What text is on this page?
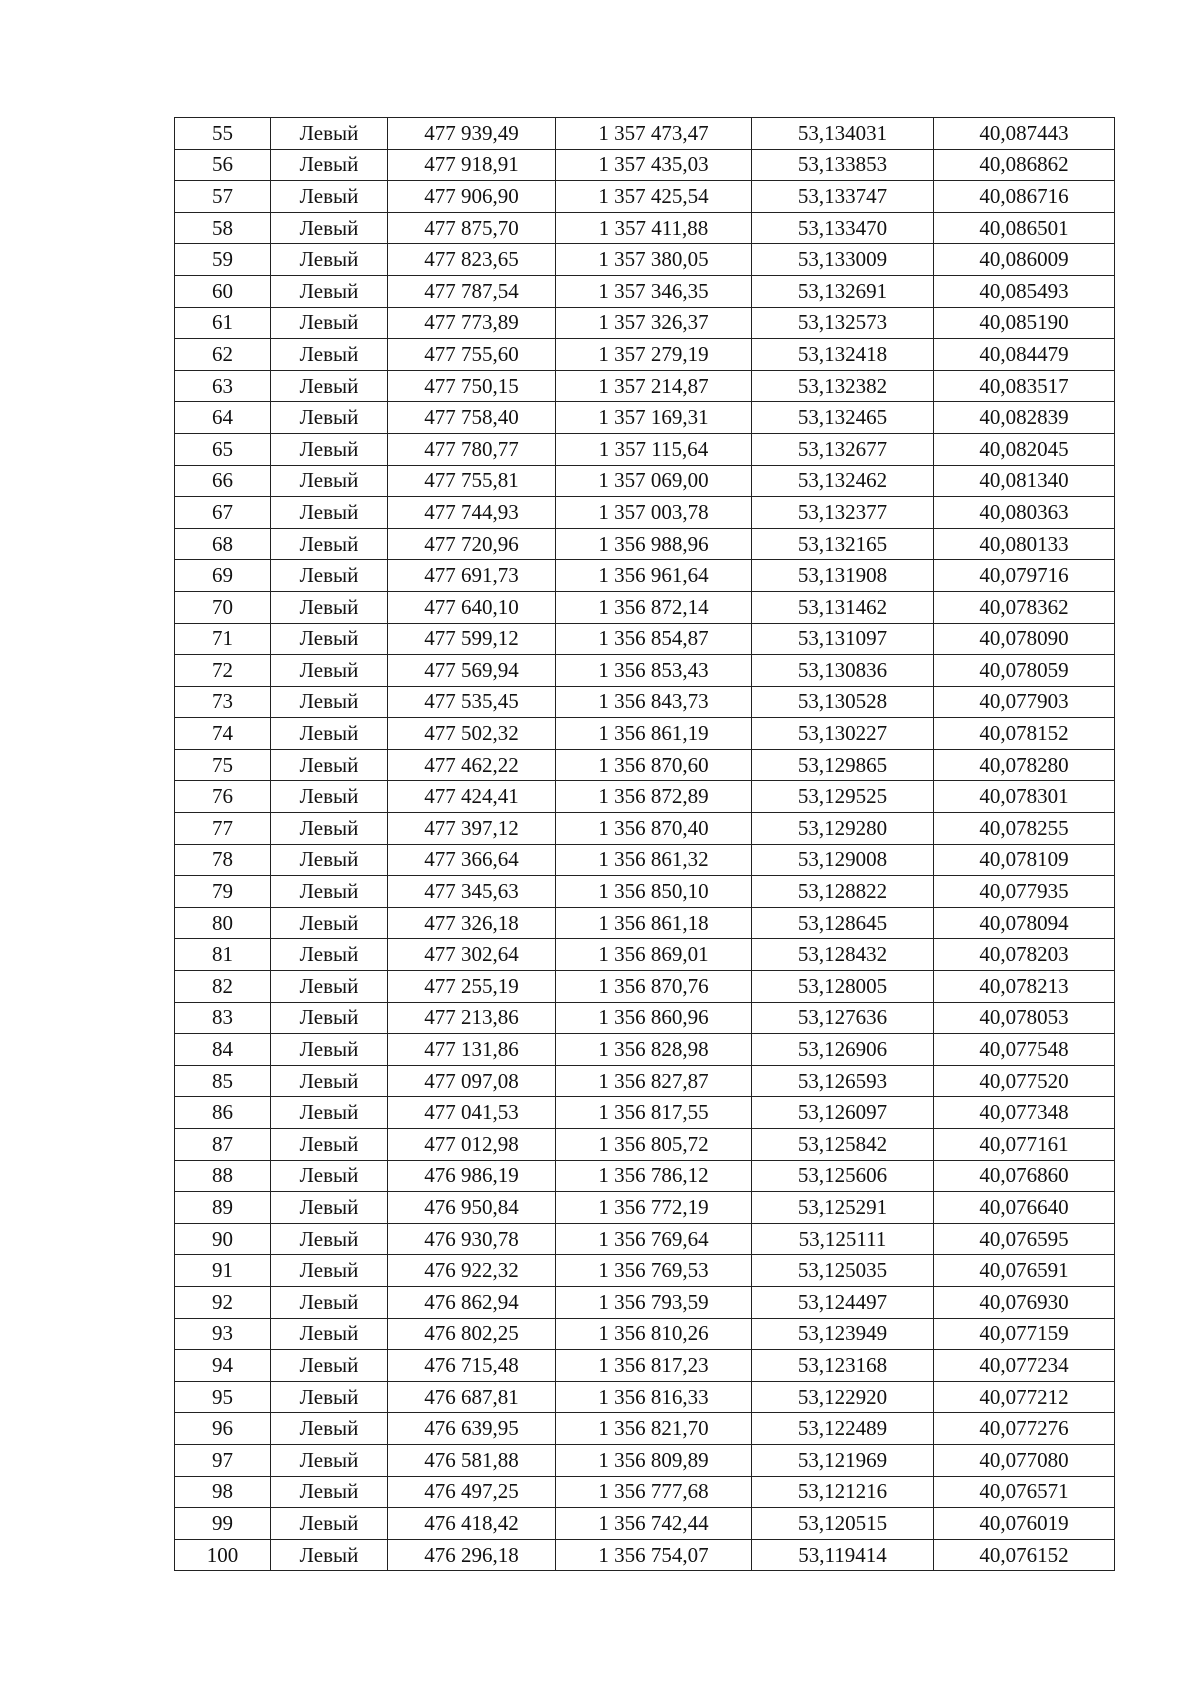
55	Левый	477 939,49	1 357 473,47	53,134031	40,087443
56	Левый	477 918,91	1 357 435,03	53,133853	40,086862
57	Левый	477 906,90	1 357 425,54	53,133747	40,086716
58	Левый	477 875,70	1 357 411,88	53,133470	40,086501
59	Левый	477 823,65	1 357 380,05	53,133009	40,086009
60	Левый	477 787,54	1 357 346,35	53,132691	40,085493
61	Левый	477 773,89	1 357 326,37	53,132573	40,085190
62	Левый	477 755,60	1 357 279,19	53,132418	40,084479
63	Левый	477 750,15	1 357 214,87	53,132382	40,083517
64	Левый	477 758,40	1 357 169,31	53,132465	40,082839
65	Левый	477 780,77	1 357 115,64	53,132677	40,082045
66	Левый	477 755,81	1 357 069,00	53,132462	40,081340
67	Левый	477 744,93	1 357 003,78	53,132377	40,080363
68	Левый	477 720,96	1 356 988,96	53,132165	40,080133
69	Левый	477 691,73	1 356 961,64	53,131908	40,079716
70	Левый	477 640,10	1 356 872,14	53,131462	40,078362
71	Левый	477 599,12	1 356 854,87	53,131097	40,078090
72	Левый	477 569,94	1 356 853,43	53,130836	40,078059
73	Левый	477 535,45	1 356 843,73	53,130528	40,077903
74	Левый	477 502,32	1 356 861,19	53,130227	40,078152
75	Левый	477 462,22	1 356 870,60	53,129865	40,078280
76	Левый	477 424,41	1 356 872,89	53,129525	40,078301
77	Левый	477 397,12	1 356 870,40	53,129280	40,078255
78	Левый	477 366,64	1 356 861,32	53,129008	40,078109
79	Левый	477 345,63	1 356 850,10	53,128822	40,077935
80	Левый	477 326,18	1 356 861,18	53,128645	40,078094
81	Левый	477 302,64	1 356 869,01	53,128432	40,078203
82	Левый	477 255,19	1 356 870,76	53,128005	40,078213
83	Левый	477 213,86	1 356 860,96	53,127636	40,078053
84	Левый	477 131,86	1 356 828,98	53,126906	40,077548
85	Левый	477 097,08	1 356 827,87	53,126593	40,077520
86	Левый	477 041,53	1 356 817,55	53,126097	40,077348
87	Левый	477 012,98	1 356 805,72	53,125842	40,077161
88	Левый	476 986,19	1 356 786,12	53,125606	40,076860
89	Левый	476 950,84	1 356 772,19	53,125291	40,076640
90	Левый	476 930,78	1 356 769,64	53,125111	40,076595
91	Левый	476 922,32	1 356 769,53	53,125035	40,076591
92	Левый	476 862,94	1 356 793,59	53,124497	40,076930
93	Левый	476 802,25	1 356 810,26	53,123949	40,077159
94	Левый	476 715,48	1 356 817,23	53,123168	40,077234
95	Левый	476 687,81	1 356 816,33	53,122920	40,077212
96	Левый	476 639,95	1 356 821,70	53,122489	40,077276
97	Левый	476 581,88	1 356 809,89	53,121969	40,077080
98	Левый	476 497,25	1 356 777,68	53,121216	40,076571
99	Левый	476 418,42	1 356 742,44	53,120515	40,076019
100	Левый	476 296,18	1 356 754,07	53,119414	40,076152
